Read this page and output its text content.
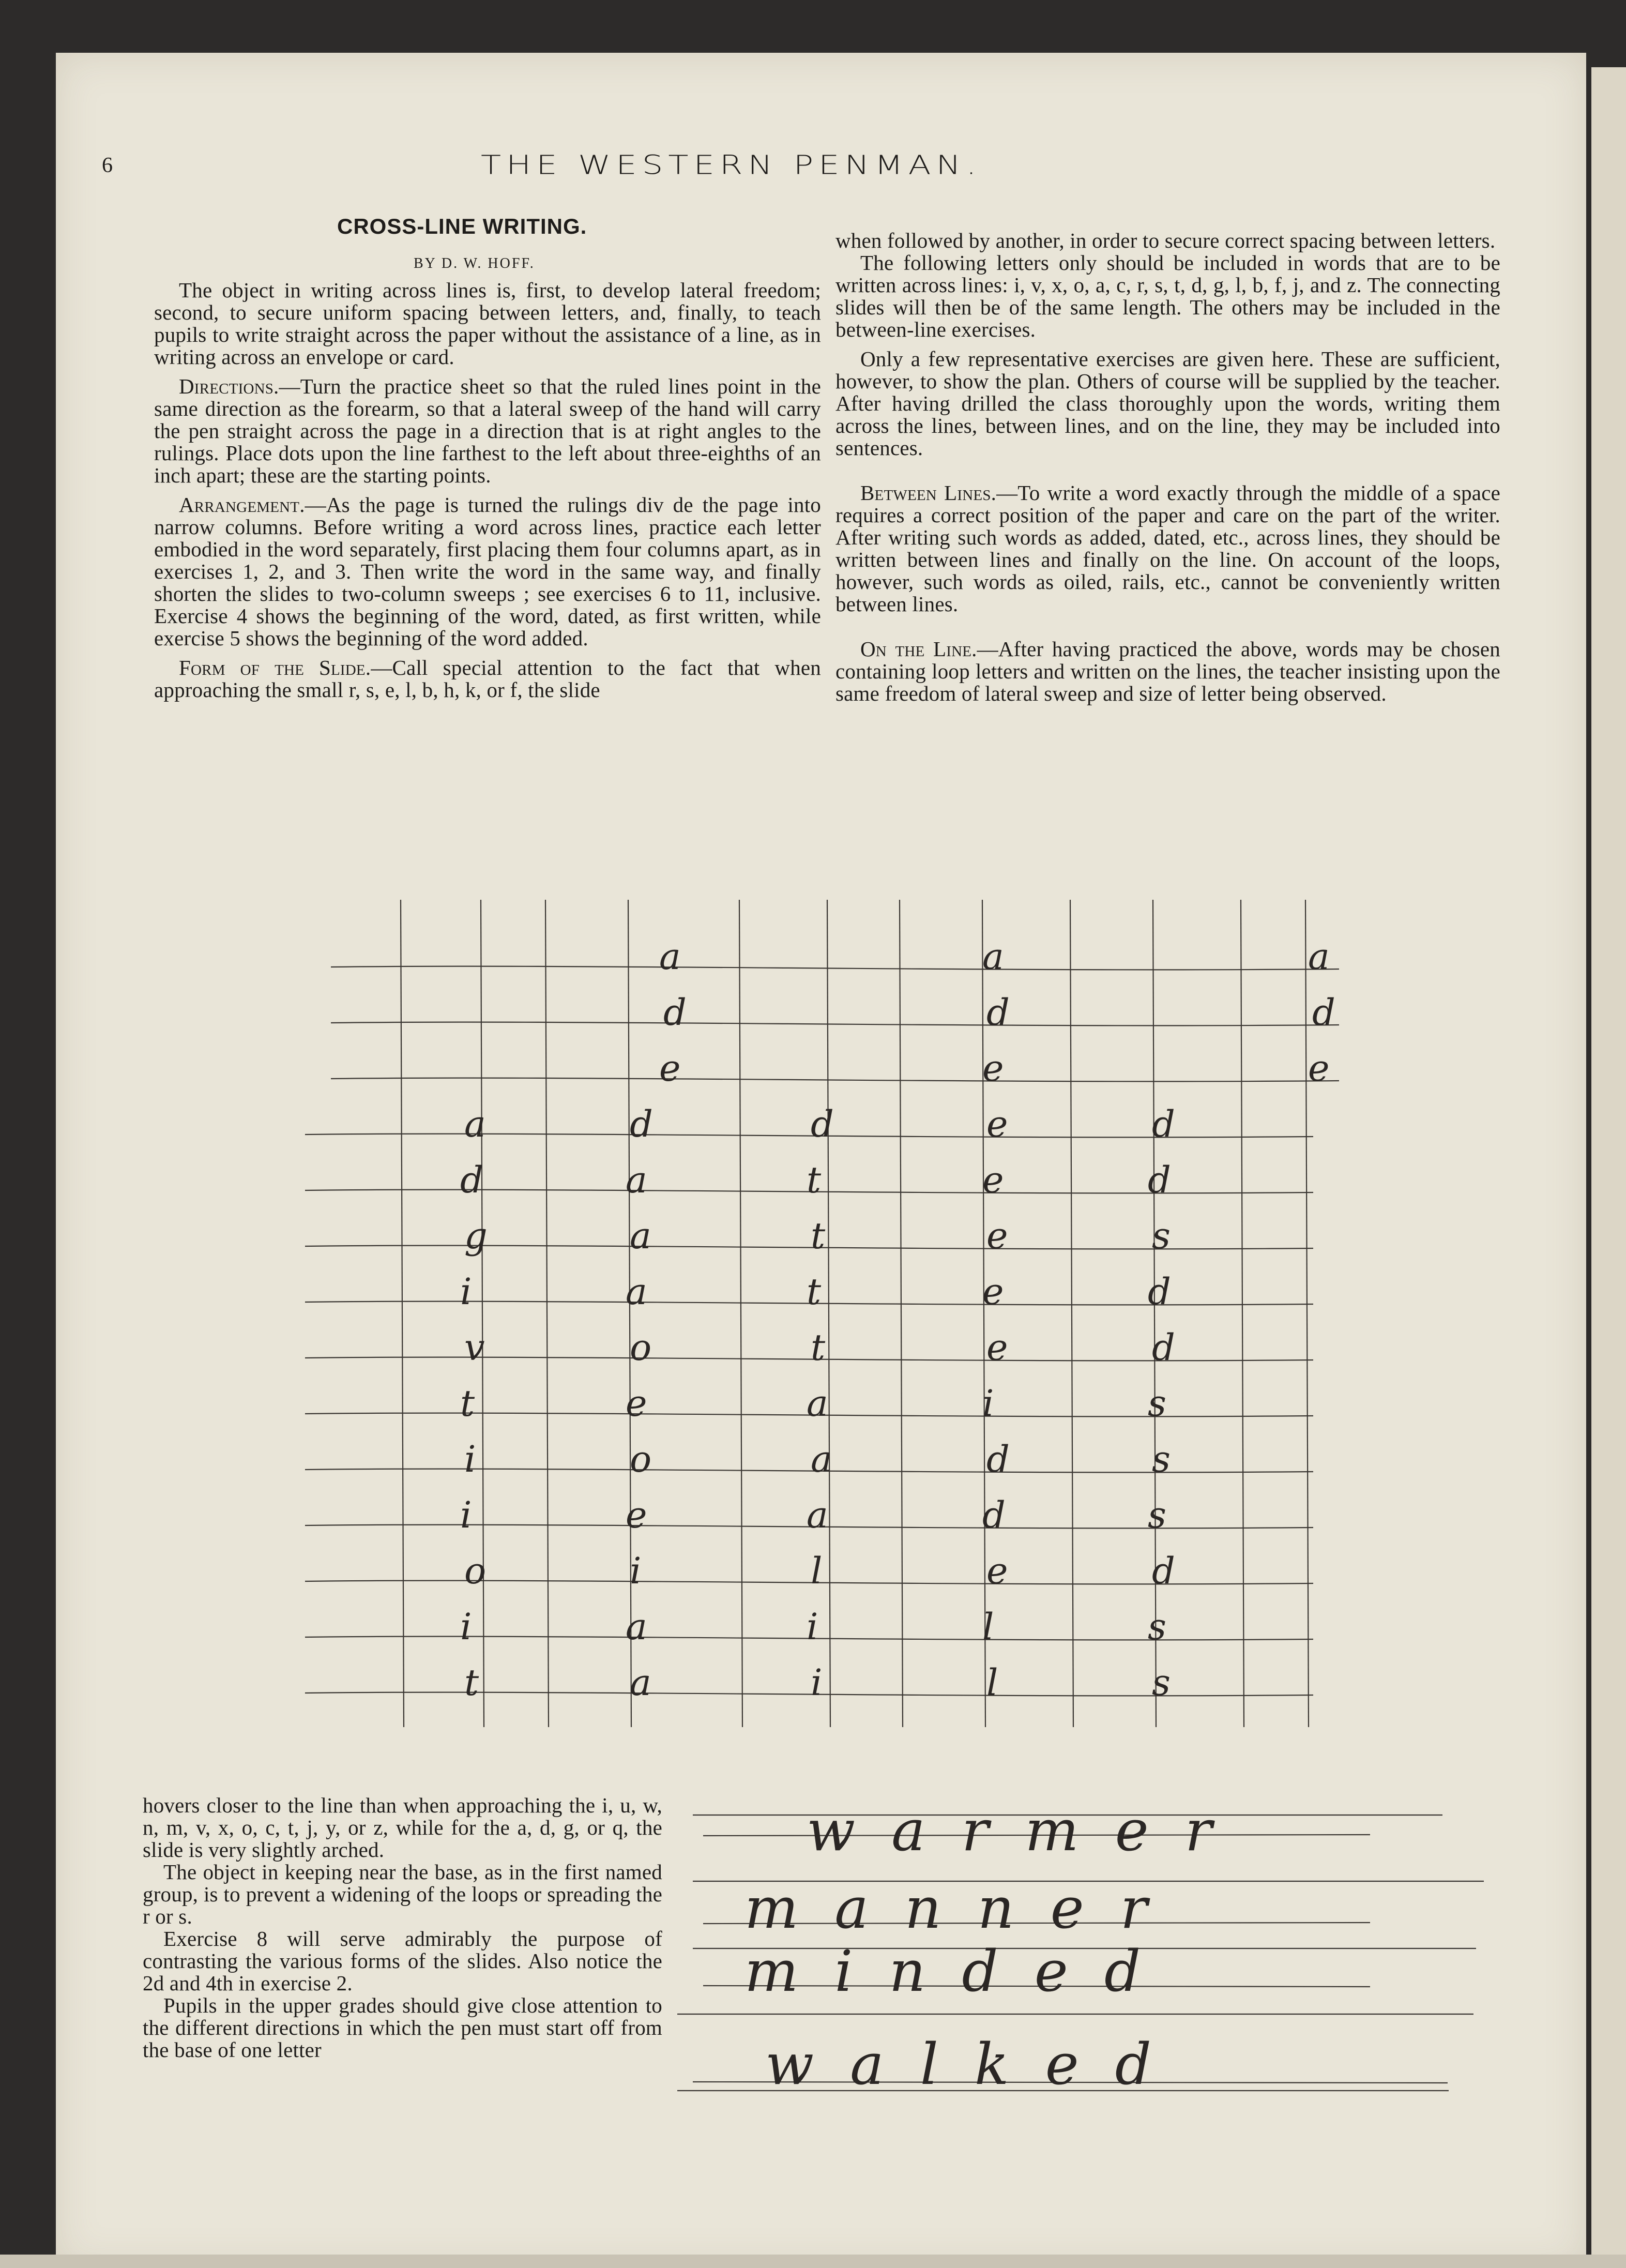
6	THE WESTERN PENMAN.
CROSS-LINE WRITING.
BY D. W. HOFF.

The object in writing across lines is, first, to develop lateral freedom; second, to secure uniform spacing between letters, and, finally, to teach pupils to write straight across the paper without the assistance of a line, as in writing across an envelope or card.

Directions.—Turn the practice sheet so that the ruled lines point in the same direction as the forearm, so that a lateral sweep of the hand will carry the pen straight across the page in a direction that is at right angles to the rulings. Place dots upon the line farthest to the left about three-eighths of an inch apart; these are the starting points.

Arrangement.—As the page is turned the rulings div de the page into narrow columns. Before writing a word across lines, practice each letter embodied in the word separately, first placing them four columns apart, as in exercises 1, 2, and 3. Then write the word in the same way, and finally shorten the slides to two-column sweeps ; see exercises 6 to 11, inclusive. Exercise 4 shows the beginning of the word, dated, as first written, while exercise 5 shows the beginning of the word added.

Form of the Slide.—Call special attention to the fact that when approaching the small r, s, e, l, b, h, k, or f, the slide

when followed by another, in order to secure correct spacing between letters.

The following letters only should be included in words that are to be written across lines: i, v, x, o, a, c, r, s, t, d, g, l, b, f, j, and z. The connecting slides will then be of the same length. The others may be included in the between-line exercises.

Only a few representative exercises are given here. These are sufficient, however, to show the plan. Others of course will be supplied by the teacher. After having drilled the class thoroughly upon the words, writing them across the lines, between lines, and on the line, they may be included into sentences.

Between Lines.—To write a word exactly through the middle of a space requires a correct position of the paper and care on the part of the writer. After writing such words as added, dated, etc., across lines, they should be written between lines and finally on the line. On account of the loops, however, such words as oiled, rails, etc., cannot be conveniently written between lines.

On the Line.—After having practiced the above, words may be chosen containing loop letters and written on the lines, the teacher insisting upon the same freedom of lateral sweep and size of letter being observed.

a	a	a
d	d	d
e	e	e
a	d	d	e	d
d	a	t	e	d
g	a	t	e	s
i	a	t	e	d
v	o	t	e	d
t	e	a	i	s
i	o	a	d	s
i	e	a	d	s
o	i	l	e	d
i	a	i	l	s
t	a	i	l	s

hovers closer to the line than when approaching the i, u, w, n, m, v, x, o, c, t, j, y, or z, while for the a, d, g, or q, the slide is very slightly arched.

The object in keeping near the base, as in the first named group, is to prevent a widening of the loops or spreading the r or s.

Exercise 8 will serve admirably the purpose of contrasting the various forms of the slides. Also notice the 2d and 4th in exercise 2.

Pupils in the upper grades should give close attention to the different directions in which the pen must start off from the base of one letter

warmer
manner
minded
walked
